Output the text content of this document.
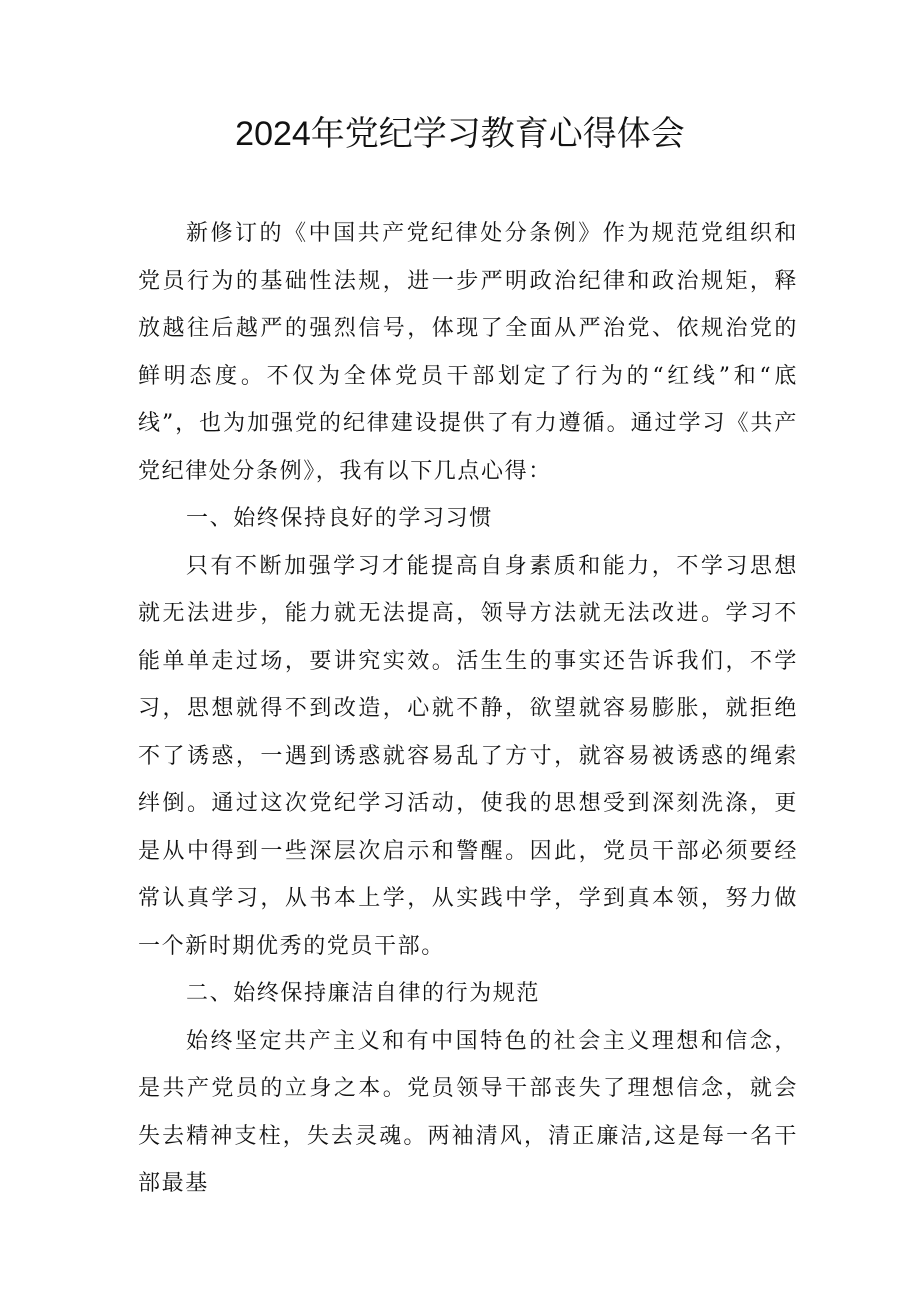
2024年党纪学习教育心得体会

新修订的《中国共产党纪律处分条例》作为规范党组织和党员行为的基础性法规，进一步严明政治纪律和政治规矩，释放越往后越严的强烈信号，体现了全面从严治党、依规治党的鲜明态度。不仅为全体党员干部划定了行为的“红线”和“底线”，也为加强党的纪律建设提供了有力遵循。通过学习《共产党纪律处分条例》，我有以下几点心得：

一、始终保持良好的学习习惯

只有不断加强学习才能提高自身素质和能力，不学习思想就无法进步，能力就无法提高，领导方法就无法改进。学习不能单单走过场，要讲究实效。活生生的事实还告诉我们，不学习，思想就得不到改造，心就不静，欲望就容易膨胀，就拒绝不了诱惑，一遇到诱惑就容易乱了方寸，就容易被诱惑的绳索绊倒。通过这次党纪学习活动，使我的思想受到深刻洗涤，更是从中得到一些深层次启示和警醒。因此，党员干部必须要经常认真学习，从书本上学，从实践中学，学到真本领，努力做一个新时期优秀的党员干部。

二、始终保持廉洁自律的行为规范

始终坚定共产主义和有中国特色的社会主义理想和信念，是共产党员的立身之本。党员领导干部丧失了理想信念，就会失去精神支柱，失去灵魂。两袖清风，清正廉洁,这是每一名干部最基
